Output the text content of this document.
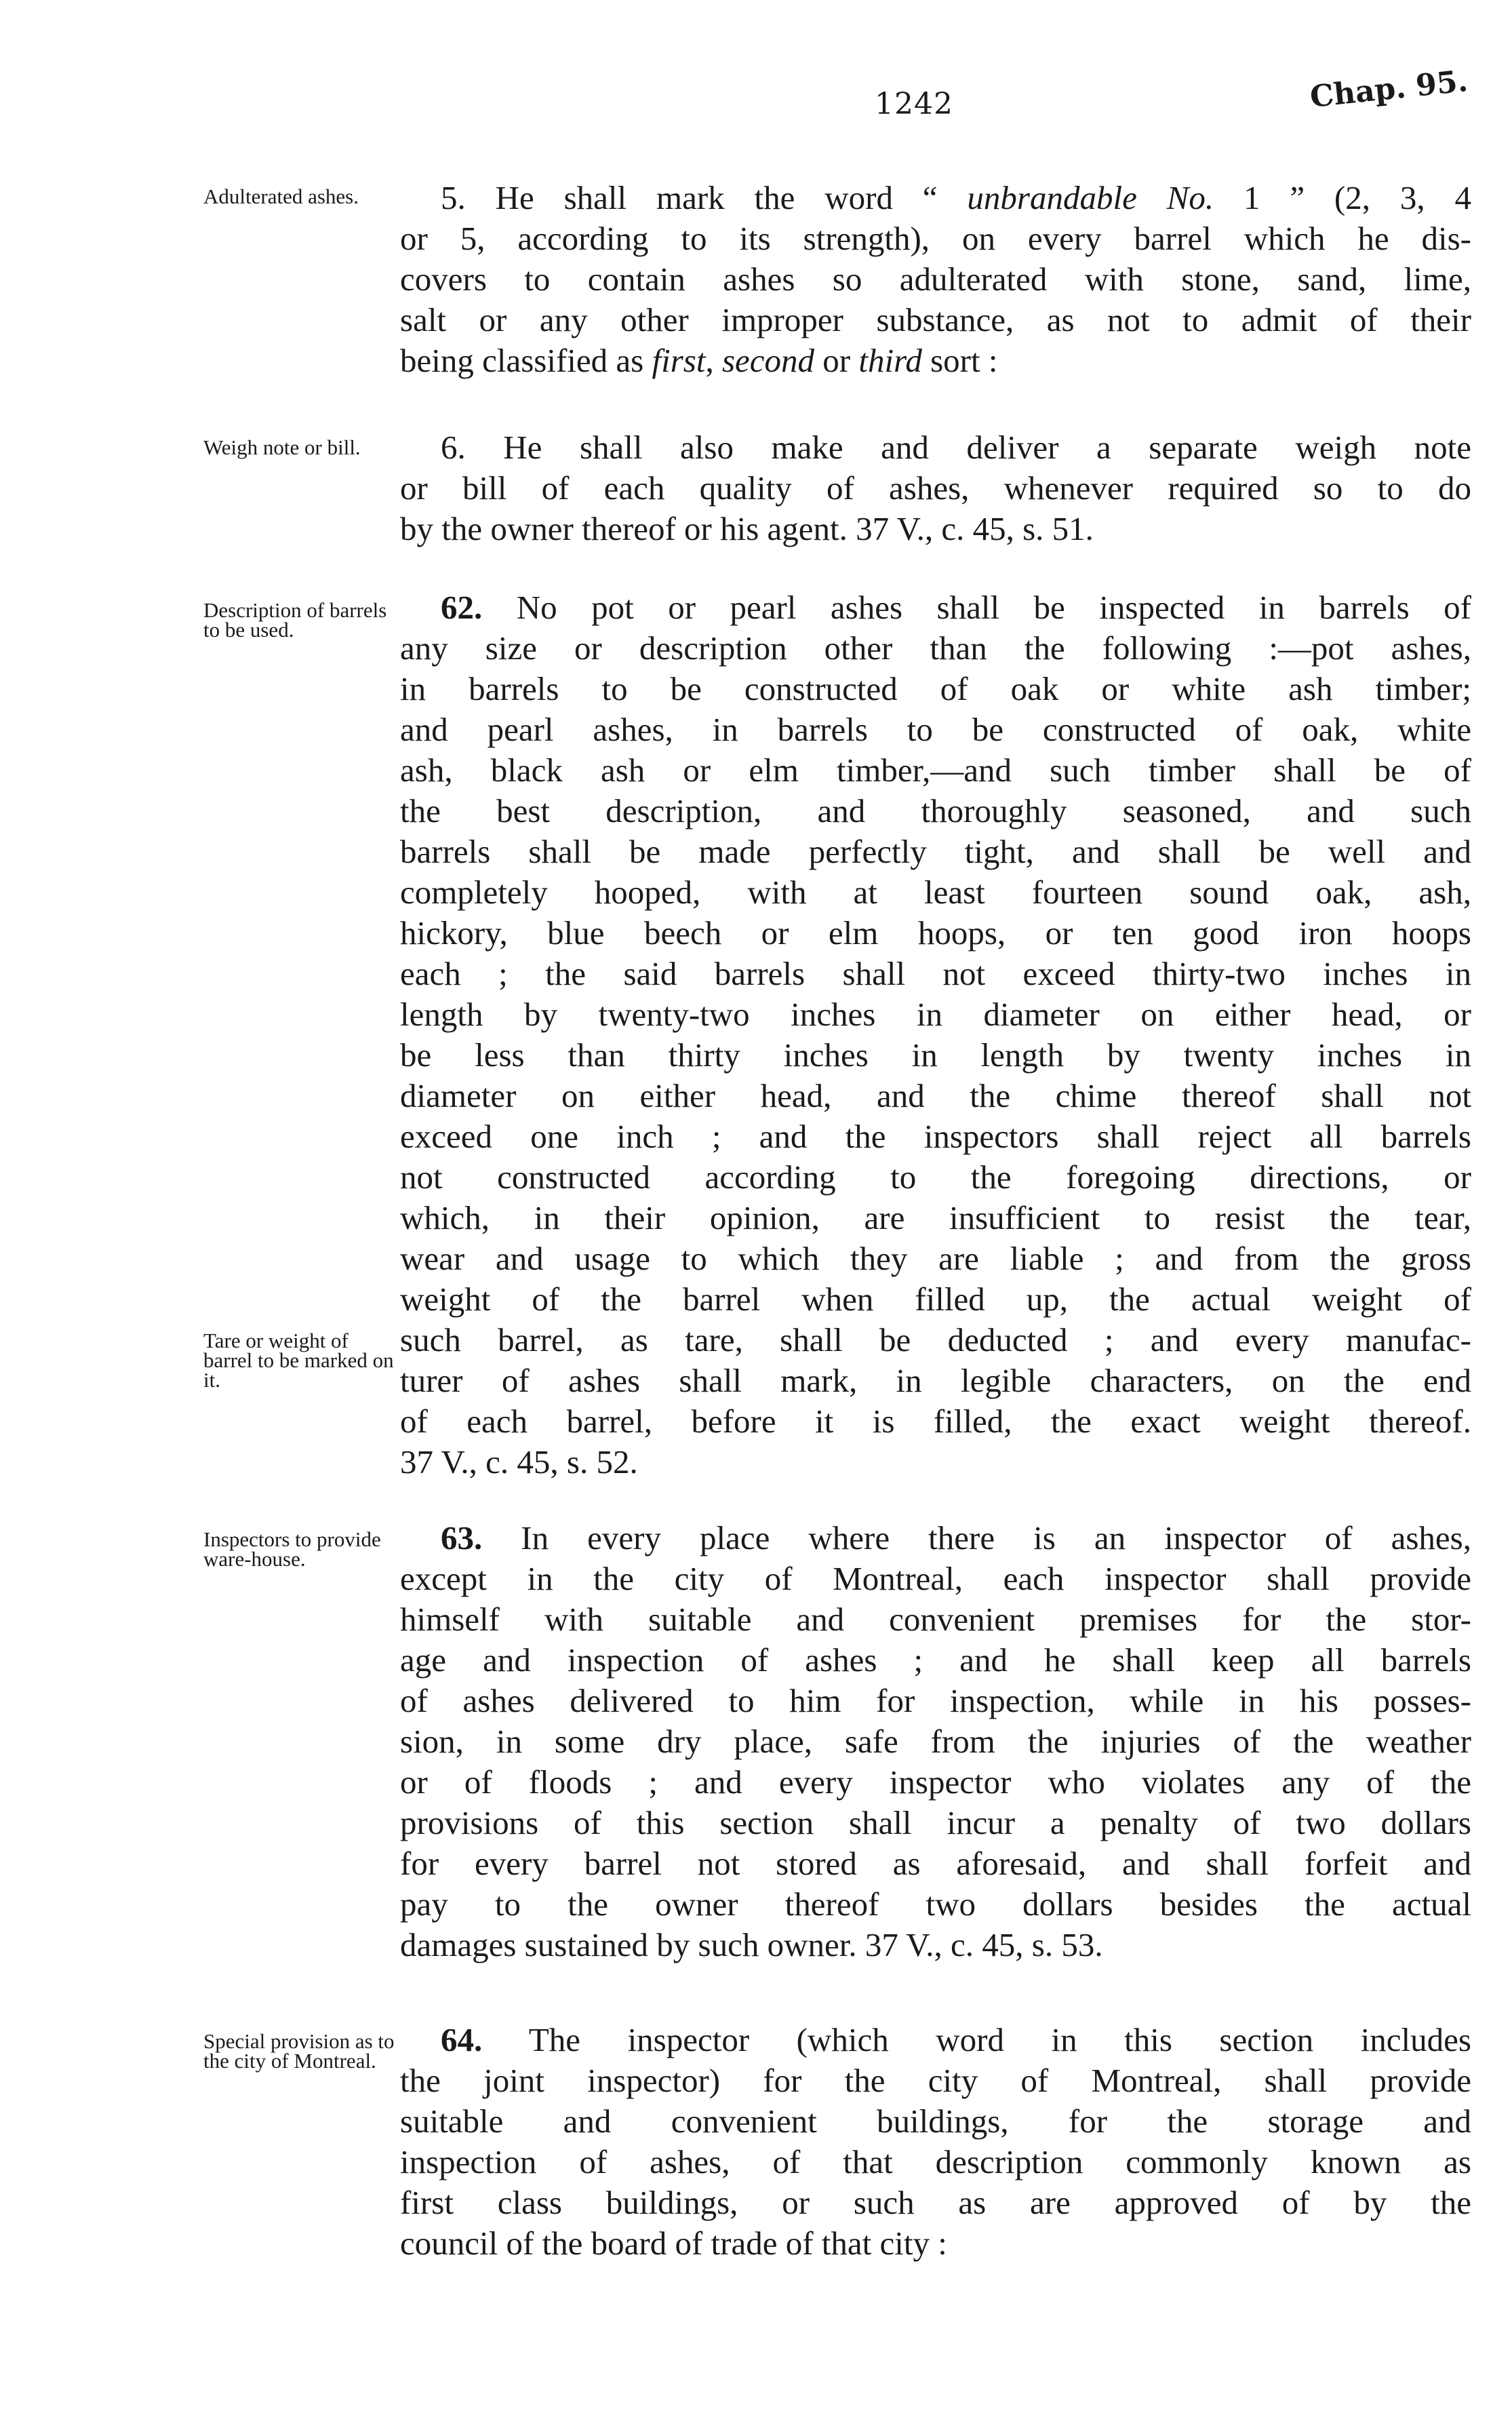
1242	Chap. 95.
Adulterated ashes.	5. He shall mark the word “ unbrandable No. 1 ” (2, 3, 4
or 5, according to its strength), on every barrel which he dis-
covers to contain ashes so adulterated with stone, sand, lime,
salt or any other improper substance, as not to admit of their
being classified as first, second or third sort :
Weigh note or bill.	6. He shall also make and deliver a separate weigh note
or bill of each quality of ashes, whenever required so to do
by the owner thereof or his agent. 37 V., c. 45, s. 51.
Description of barrels to be used.
Tare or weight of barrel to be marked on it.
62. No pot or pearl ashes shall be inspected in barrels of
any size or description other than the following :—pot ashes,
in barrels to be constructed of oak or white ash timber;
and pearl ashes, in barrels to be constructed of oak, white
ash, black ash or elm timber,—and such timber shall be of
the best description, and thoroughly seasoned, and such
barrels shall be made perfectly tight, and shall be well and
completely hooped, with at least fourteen sound oak, ash,
hickory, blue beech or elm hoops, or ten good iron hoops
each ; the said barrels shall not exceed thirty-two inches in
length by twenty-two inches in diameter on either head, or
be less than thirty inches in length by twenty inches in
diameter on either head, and the chime thereof shall not
exceed one inch ; and the inspectors shall reject all barrels
not constructed according to the foregoing directions, or
which, in their opinion, are insufficient to resist the tear,
wear and usage to which they are liable ; and from the gross
weight of the barrel when filled up, the actual weight of
such barrel, as tare, shall be deducted ; and every manufac-
turer of ashes shall mark, in legible characters, on the end
of each barrel, before it is filled, the exact weight thereof.
37 V., c. 45, s. 52.
Inspectors to provide ware-house.
63. In every place where there is an inspector of ashes,
except in the city of Montreal, each inspector shall provide
himself with suitable and convenient premises for the stor-
age and inspection of ashes ; and he shall keep all barrels
of ashes delivered to him for inspection, while in his posses-
sion, in some dry place, safe from the injuries of the weather
or of floods ; and every inspector who violates any of the
provisions of this section shall incur a penalty of two dollars
for every barrel not stored as aforesaid, and shall forfeit and
pay to the owner thereof two dollars besides the actual
damages sustained by such owner. 37 V., c. 45, s. 53.
Special provision as to the city of Montreal.
64. The inspector (which word in this section includes
the joint inspector) for the city of Montreal, shall provide
suitable and convenient buildings, for the storage and
inspection of ashes, of that description commonly known as
first class buildings, or such as are approved of by the
council of the board of trade of that city :
